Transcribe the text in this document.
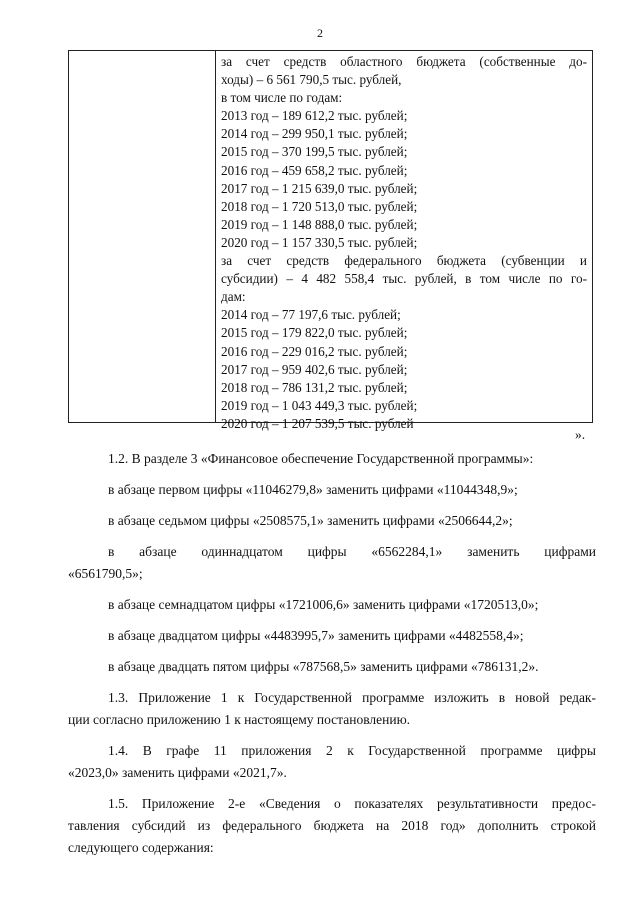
2
за счет средств областного бюджета (собственные до-
ходы) – 6 561 790,5 тыс. рублей,
в том числе по годам:
2013 год – 189 612,2 тыс. рублей;
2014 год – 299 950,1 тыс. рублей;
2015 год – 370 199,5 тыс. рублей;
2016 год – 459 658,2 тыс. рублей;
2017 год – 1 215 639,0 тыс. рублей;
2018 год – 1 720 513,0 тыс. рублей;
2019 год – 1 148 888,0 тыс. рублей;
2020 год – 1 157 330,5 тыс. рублей;
за счет средств федерального бюджета (субвенции и
субсидии) – 4 482 558,4 тыс. рублей, в том числе по го-
дам:
2014 год – 77 197,6 тыс. рублей;
2015 год – 179 822,0 тыс. рублей;
2016 год – 229 016,2 тыс. рублей;
2017 год – 959 402,6 тыс. рублей;
2018 год – 786 131,2 тыс. рублей;
2019 год – 1 043 449,3 тыс. рублей;
2020 год – 1 207 539,5 тыс. рублей
».

1.2. В разделе 3 «Финансовое обеспечение Государственной программы»:

в абзаце первом цифры «11046279,8» заменить цифрами «11044348,9»;

в абзаце седьмом цифры «2508575,1» заменить цифрами «2506644,2»;

в абзаце одиннадцатом цифры «6562284,1» заменить цифрами
«6561790,5»;

в абзаце семнадцатом цифры «1721006,6» заменить цифрами «1720513,0»;

в абзаце двадцатом цифры «4483995,7» заменить цифрами «4482558,4»;

в абзаце двадцать пятом цифры «787568,5» заменить цифрами «786131,2».

1.3. Приложение 1 к Государственной программе изложить в новой редак-
ции согласно приложению 1 к настоящему постановлению.

1.4. В графе 11 приложения 2 к Государственной программе цифры
«2023,0» заменить цифрами «2021,7».

1.5. Приложение 2-е «Сведения о показателях результативности предос-
тавления субсидий из федерального бюджета на 2018 год» дополнить строкой
следующего содержания:
